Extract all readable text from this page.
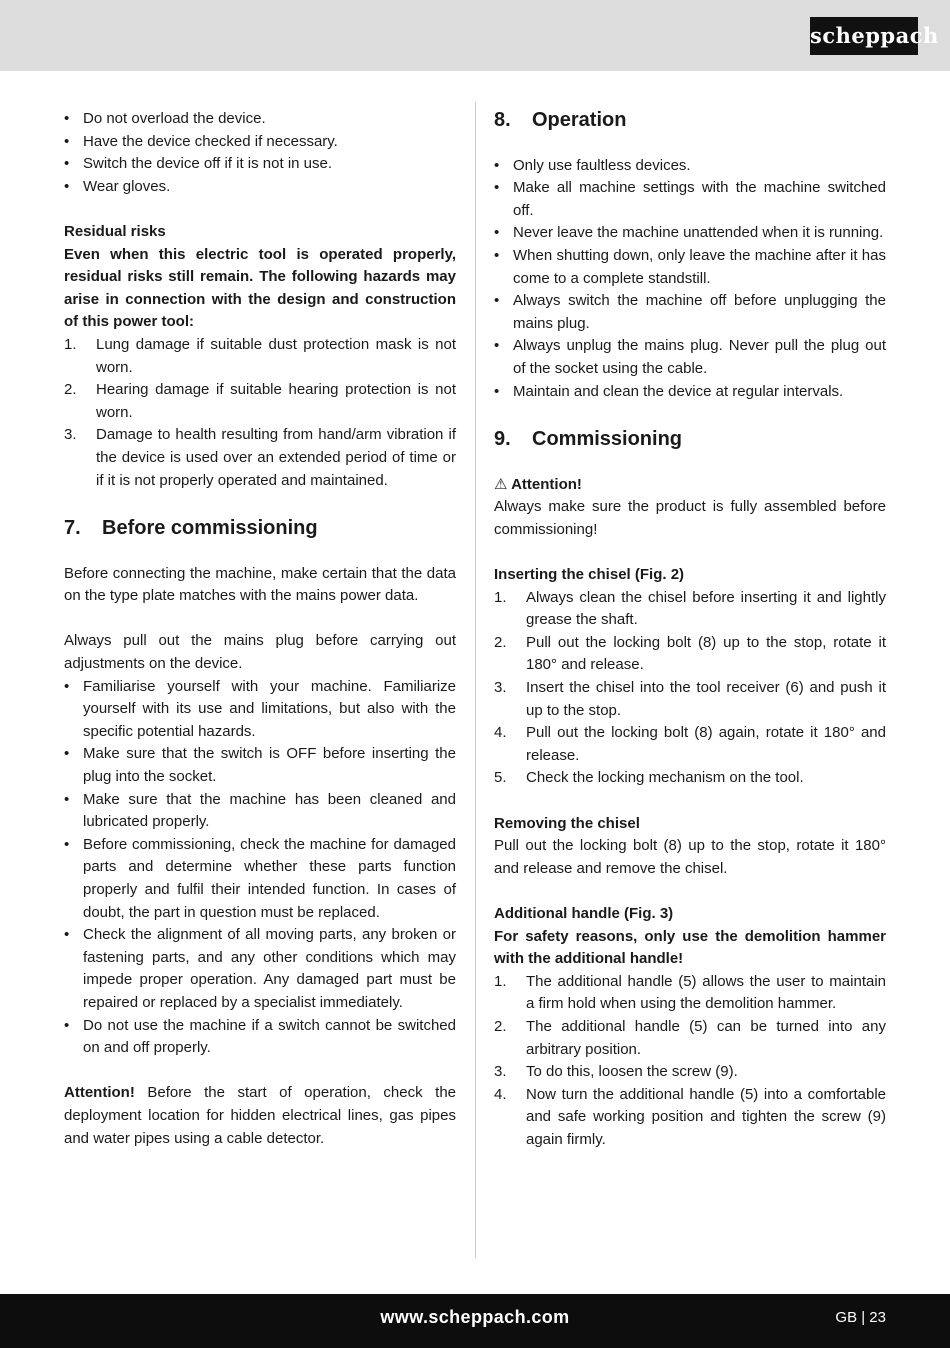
scheppach
• Do not overload the device.
• Have the device checked if necessary.
• Switch the device off if it is not in use.
• Wear gloves.

Residual risks

Even when this electric tool is operated properly, residual risks still remain. The following hazards may arise in connection with the design and construction of this power tool:

1. Lung damage if suitable dust protection mask is not worn.
2. Hearing damage if suitable hearing protection is not worn.
3. Damage to health resulting from hand/arm vibration if the device is used over an extended period of time or if it is not properly operated and maintained.
7.	Before commissioning

Before connecting the machine, make certain that the data on the type plate matches with the mains power data.

Always pull out the mains plug before carrying out adjustments on the device.

• Familiarise yourself with your machine. Familiarize yourself with its use and limitations, but also with the specific potential hazards.
• Make sure that the switch is OFF before inserting the plug into the socket.
• Make sure that the machine has been cleaned and lubricated properly.
• Before commissioning, check the machine for damaged parts and determine whether these parts function properly and fulfil their intended function. In cases of doubt, the part in question must be replaced.
• Check the alignment of all moving parts, any broken or fastening parts, and any other conditions which may impede proper operation. Any damaged part must be repaired or replaced by a specialist immediately.
• Do not use the machine if a switch cannot be switched on and off properly.

Attention! Before the start of operation, check the deployment location for hidden electrical lines, gas pipes and water pipes using a cable detector.

8.	Operation
• Only use faultless devices.
• Make all machine settings with the machine switched off.
• Never leave the machine unattended when it is running.
• When shutting down, only leave the machine after it has come to a complete standstill.
• Always switch the machine off before unplugging the mains plug.
• Always unplug the mains plug. Never pull the plug out of the socket using the cable.
• Maintain and clean the device at regular intervals.
9.	Commissioning

⚠ Attention!

Always make sure the product is fully assembled before commissioning!

Inserting the chisel (Fig. 2)

1. Always clean the chisel before inserting it and lightly grease the shaft.
2. Pull out the locking bolt (8) up to the stop, rotate it 180° and release.
3. Insert the chisel into the tool receiver (6) and push it up to the stop.
4. Pull out the locking bolt (8) again, rotate it 180° and release.
5. Check the locking mechanism on the tool.

Removing the chisel

Pull out the locking bolt (8) up to the stop, rotate it 180° and release and remove the chisel.

Additional handle (Fig. 3)

For safety reasons, only use the demolition hammer with the additional handle!

1. The additional handle (5) allows the user to maintain a firm hold when using the demolition hammer.
2. The additional handle (5) can be turned into any arbitrary position.
3. To do this, loosen the screw (9).
4. Now turn the additional handle (5) into a comfortable and safe working position and tighten the screw (9) again firmly.
www.scheppach.com	GB | 23
